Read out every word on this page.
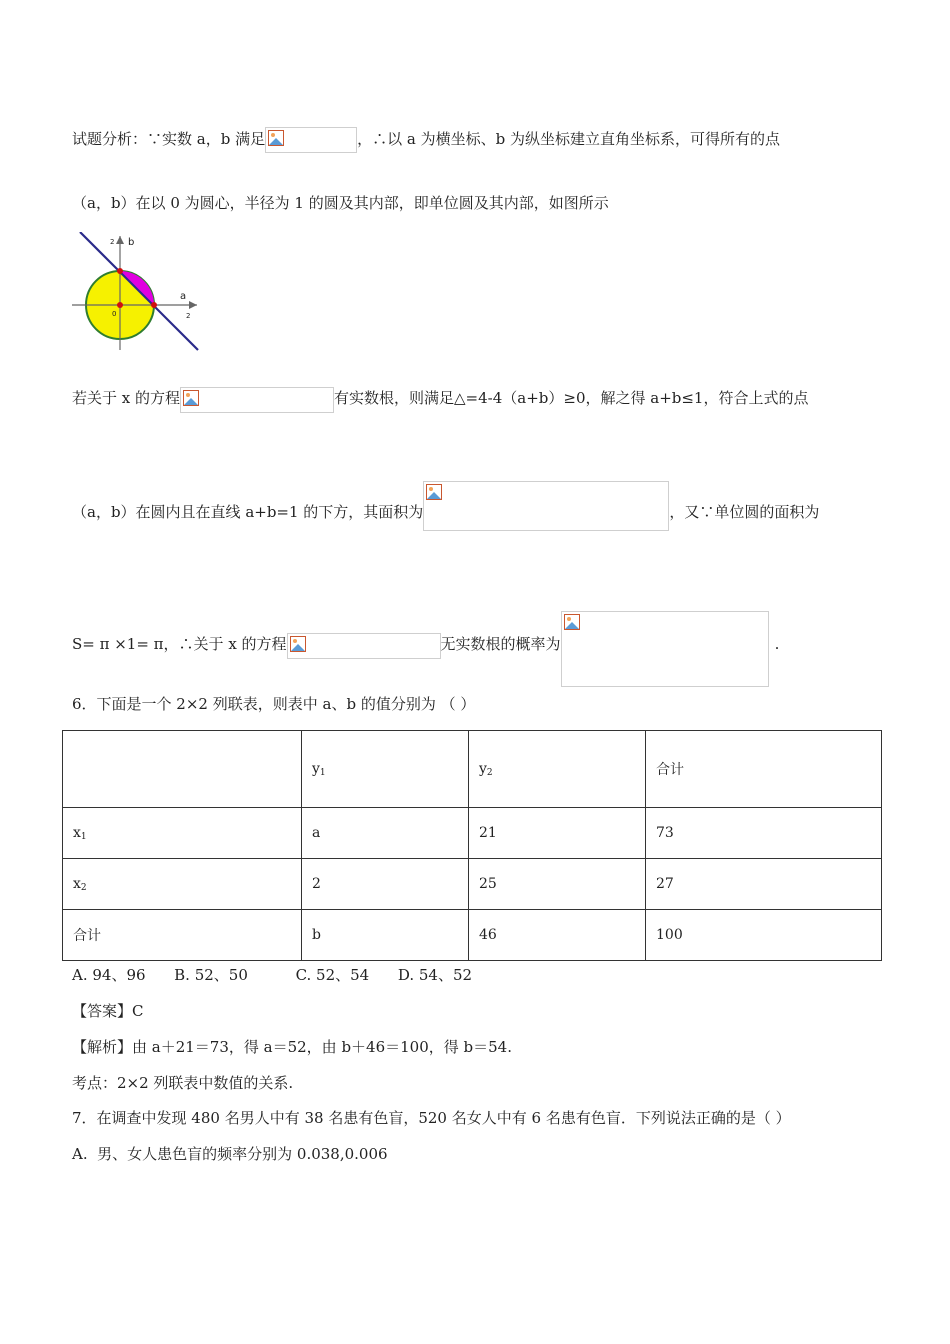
试题分析：∵实数 a，b 满足	，∴以 a 为横坐标、b 为纵坐标建立直角坐标系，可得所有的点
（a，b）在以 0 为圆心，半径为 1 的圆及其内部，即单位圆及其内部，如图所示
b
a
2
2
0
若关于 x 的方程	有实数根，则满足△=4-4（a+b）≥0，解之得 a+b≤1，符合上式的点
（a，b）在圆内且在直线 a+b=1 的下方，其面积为	，又∵单位圆的面积为
S= π ×1= π，∴关于 x 的方程	无实数根的概率为	.
6．下面是一个 2×2 列联表，则表中 a、b 的值分别为 （ ）
	$y_1$	$y_2$	合计
$x_1$	a	21	73
$x_2$	2	25	27
合计	b	46	100
A. 94、96      B. 52、50          C. 52、54      D. 54、52
【答案】C
【解析】由 a＋21＝73，得 a＝52，由 b＋46＝100，得 b＝54.
考点：2×2 列联表中数值的关系.
7．在调查中发现 480 名男人中有 38 名患有色盲，520 名女人中有 6 名患有色盲．下列说法正确的是（ ）
A.  男、女人患色盲的频率分别为 0.038,0.006
